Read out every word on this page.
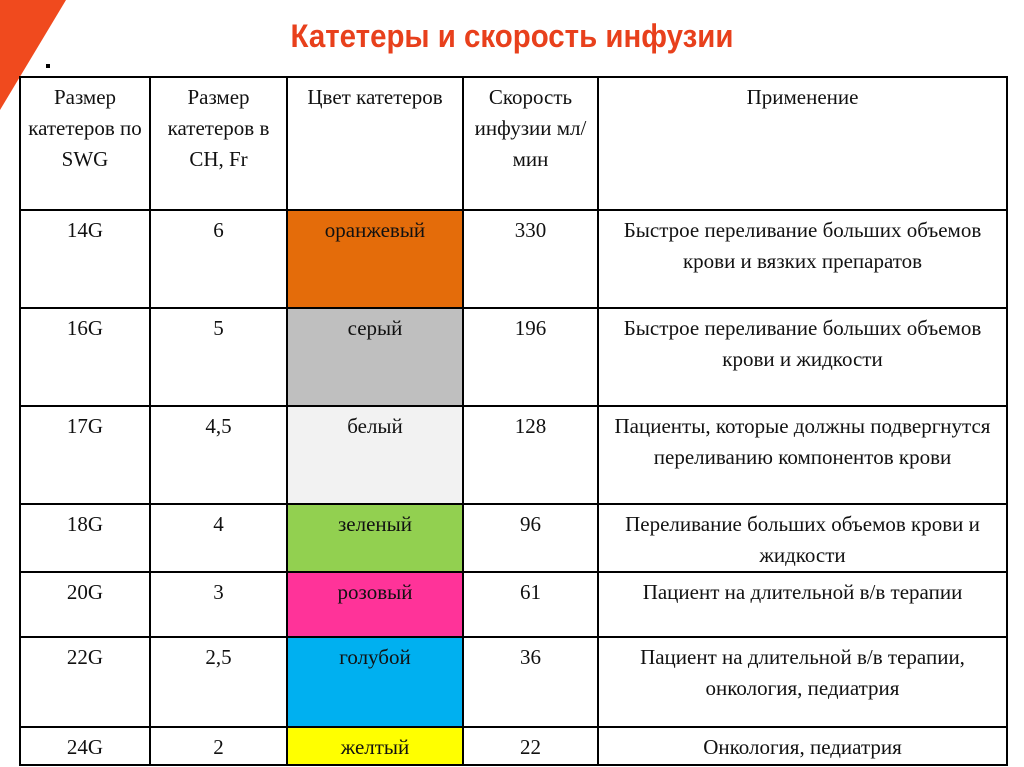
Катетеры и скорость инфузии
Размер катетеров по SWG	Размер катетеров в СН, Fr	Цвет катетеров	Скорость инфузии мл/мин	Применение
14G	6	оранжевый	330	Быстрое переливание больших объемов крови и вязких препаратов
16G	5	серый	196	Быстрое переливание больших объемов крови и жидкости
17G	4,5	белый	128	Пациенты, которые должны подвергнутся переливанию компонентов крови
18G	4	зеленый	96	Переливание больших объемов крови и жидкости
20G	3	розовый	61	Пациент на длительной в/в терапии
22G	2,5	голубой	36	Пациент на длительной в/в терапии, онкология, педиатрия
24G	2	желтый	22	Онкология, педиатрия
